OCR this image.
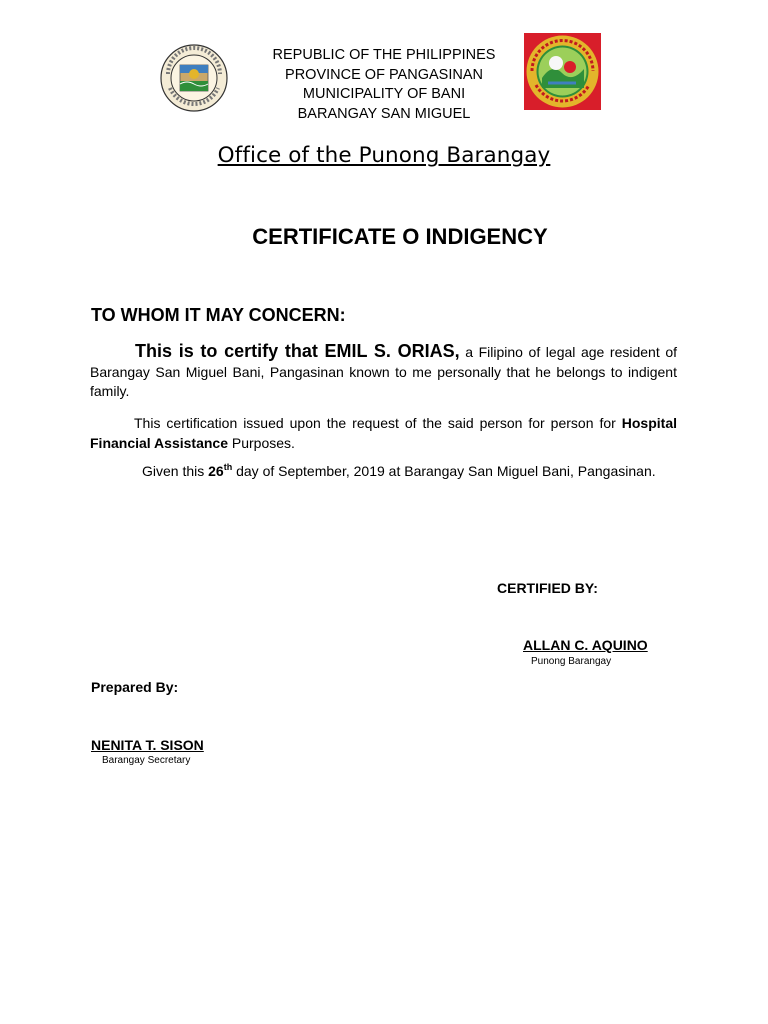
REPUBLIC OF THE PHILIPPINES
PROVINCE OF PANGASINAN
MUNICIPALITY OF BANI
BARANGAY SAN MIGUEL
Office of the Punong Barangay
CERTIFICATE O INDIGENCY
TO WHOM IT MAY CONCERN:
This is to certify that EMIL S. ORIAS, a Filipino of legal age resident of Barangay San Miguel Bani, Pangasinan known to me personally that he belongs to indigent family.
This certification issued upon the request of the said person for person for Hospital Financial Assistance Purposes.
Given this 26th day of September, 2019 at Barangay San Miguel Bani, Pangasinan.
CERTIFIED BY:
ALLAN C. AQUINO
Punong Barangay
Prepared By:
NENITA T. SISON
Barangay Secretary
